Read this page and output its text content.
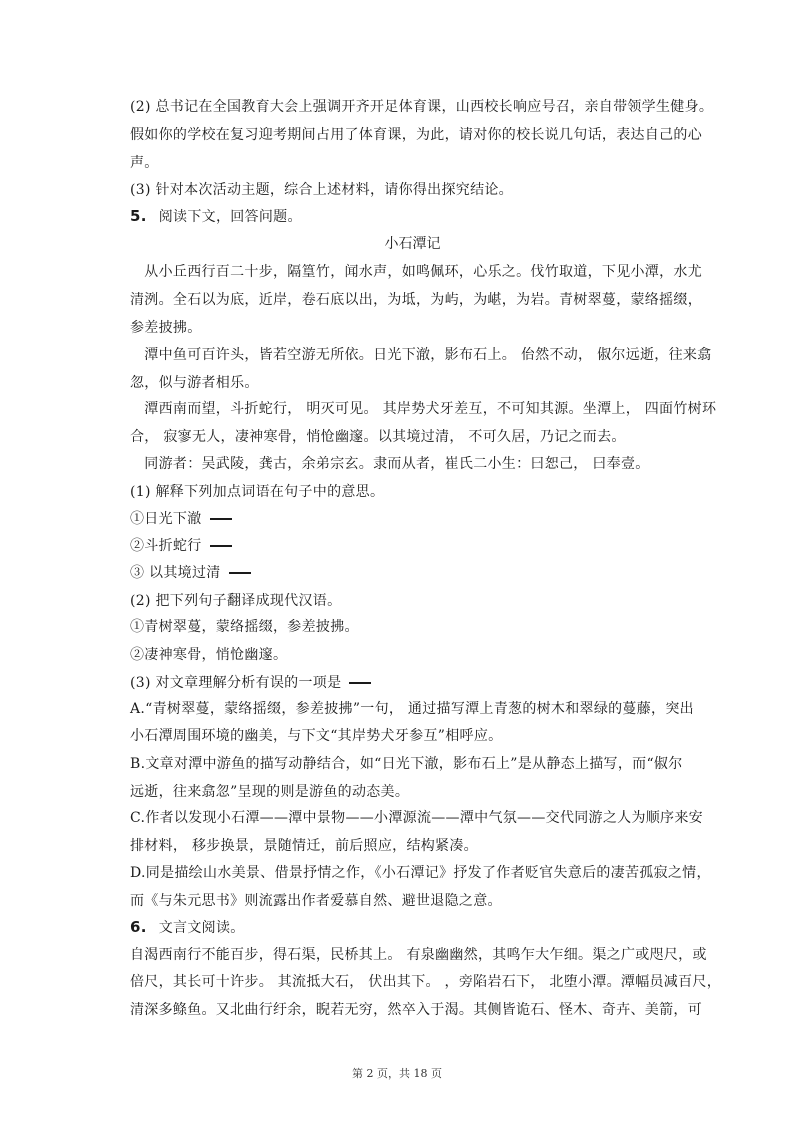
(2) 总书记在全国教育大会上强调开齐开足体育课，山西校长响应号召，亲自带领学生健身。
假如你的学校在复习迎考期间占用了体育课，为此，请对你的校长说几句话，表达自己的心
声。
(3) 针对本次活动主题，综合上述材料，请你得出探究结论。
5. 阅读下文，回答问题。
小石潭记
　从小丘西行百二十步，隔篁竹，闻水声，如鸣佩环，心乐之。伐竹取道，下见小潭，水尤
清洌。全石以为底，近岸，卷石底以出，为坻，为屿，为嵁，为岩。青树翠蔓，蒙络摇缀，
参差披拂。
　潭中鱼可百许头，皆若空游无所依。日光下澈，影布石上。 佁然不动， 俶尔远逝，往来翕
忽，似与游者相乐。
　潭西南而望，斗折蛇行， 明灭可见。 其岸势犬牙差互，不可知其源。坐潭上， 四面竹树环
合， 寂寥无人，凄神寒骨，悄怆幽邃。以其境过清， 不可久居，乃记之而去。
　同游者：吴武陵，龚古，余弟宗玄。隶而从者，崔氏二小生：曰恕己， 曰奉壹。
(1) 解释下列加点词语在句子中的意思。
①日光下澈
②斗折蛇行
③ 以其境过清
(2) 把下列句子翻译成现代汉语。
①青树翠蔓，蒙络摇缀，参差披拂。
②凄神寒骨，悄怆幽邃。
(3) 对文章理解分析有误的一项是
A.“青树翠蔓，蒙络摇缀，参差披拂”一句， 通过描写潭上青葱的树木和翠绿的蔓藤，突出
小石潭周围环境的幽美，与下文“其岸势犬牙参互”相呼应。
B.文章对潭中游鱼的描写动静结合，如“日光下澈，影布石上”是从静态上描写，而“俶尔
远逝，往来翕忽”呈现的则是游鱼的动态美。
C.作者以发现小石潭——潭中景物——小潭源流——潭中气氛——交代同游之人为顺序来安
排材料， 移步换景，景随情迁，前后照应，结构紧凑。
D.同是描绘山水美景、借景抒情之作，《小石潭记》抒发了作者贬官失意后的凄苦孤寂之情，
而《与朱元思书》则流露出作者爱慕自然、避世退隐之意。
6. 文言文阅读。
自渴西南行不能百步，得石渠，民桥其上。 有泉幽幽然，其鸣乍大乍细。渠之广或咫尺，或
倍尺，其长可十许步。 其流抵大石， 伏出其下。 ，旁陷岩石下， 北堕小潭。潭幅员减百尺，
清深多鲦鱼。又北曲行纡余，睨若无穷，然卒入于渴。其侧皆诡石、怪木、奇卉、美箭，可
第 2 页，共 18 页
